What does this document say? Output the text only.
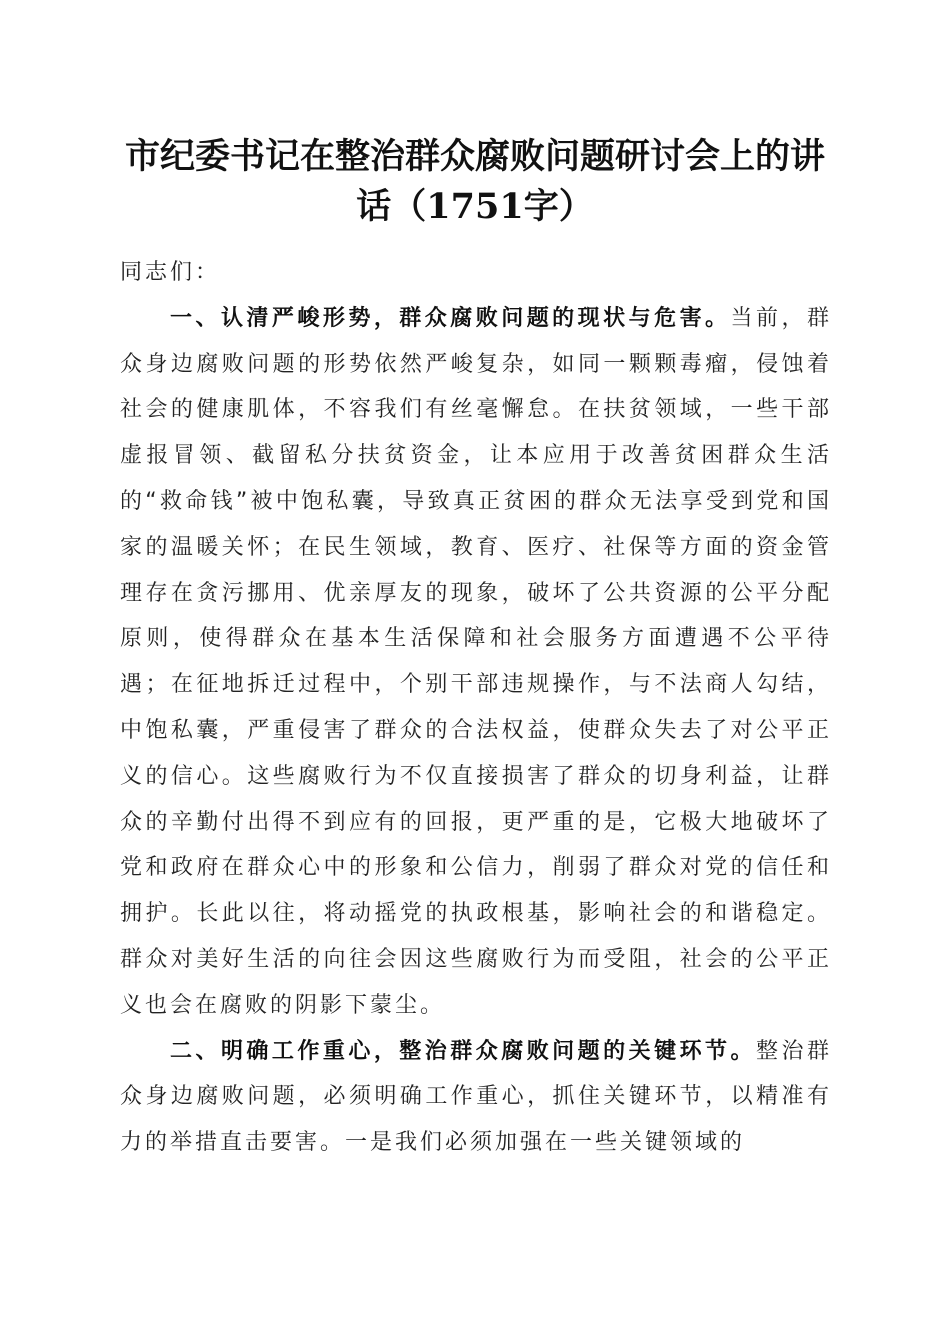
市纪委书记在整治群众腐败问题研讨会上的讲话（1751字）

同志们：

一、认清严峻形势，群众腐败问题的现状与危害。当前，群众身边腐败问题的形势依然严峻复杂，如同一颗颗毒瘤，侵蚀着社会的健康肌体，不容我们有丝毫懈怠。在扶贫领域，一些干部虚报冒领、截留私分扶贫资金，让本应用于改善贫困群众生活的“救命钱”被中饱私囊，导致真正贫困的群众无法享受到党和国家的温暖关怀；在民生领域，教育、医疗、社保等方面的资金管理存在贪污挪用、优亲厚友的现象，破坏了公共资源的公平分配原则，使得群众在基本生活保障和社会服务方面遭遇不公平待遇；在征地拆迁过程中，个别干部违规操作，与不法商人勾结，中饱私囊，严重侵害了群众的合法权益，使群众失去了对公平正义的信心。这些腐败行为不仅直接损害了群众的切身利益，让群众的辛勤付出得不到应有的回报，更严重的是，它极大地破坏了党和政府在群众心中的形象和公信力，削弱了群众对党的信任和拥护。长此以往，将动摇党的执政根基，影响社会的和谐稳定。群众对美好生活的向往会因这些腐败行为而受阻，社会的公平正义也会在腐败的阴影下蒙尘。

二、明确工作重心，整治群众腐败问题的关键环节。整治群众身边腐败问题，必须明确工作重心，抓住关键环节，以精准有力的举措直击要害。一是我们必须加强在一些关键领域的
